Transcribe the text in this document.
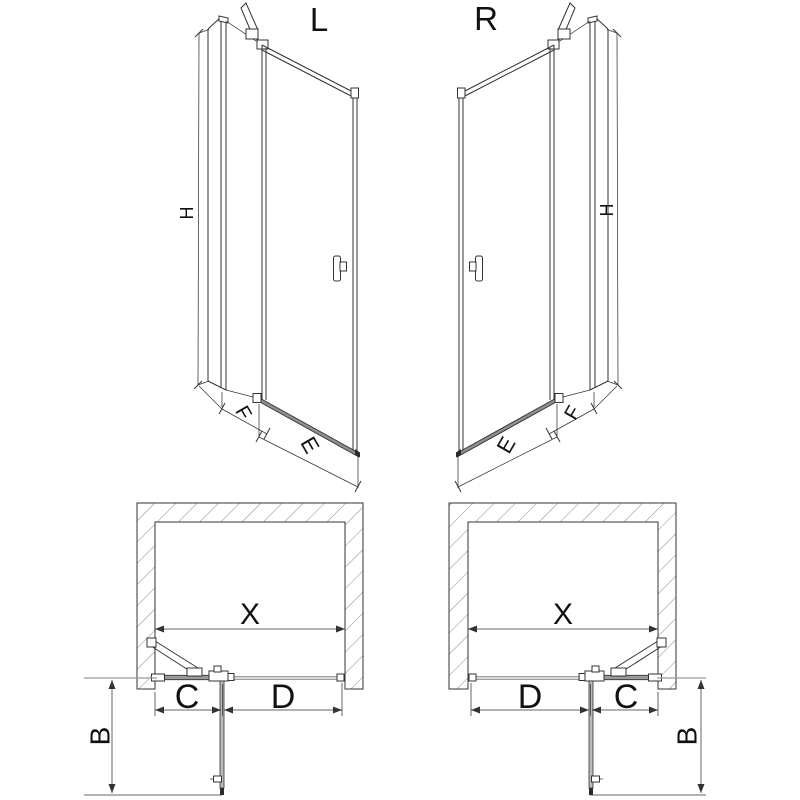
L
H
F
E
R
H
F
E
X
C D
B
X
D C
B
